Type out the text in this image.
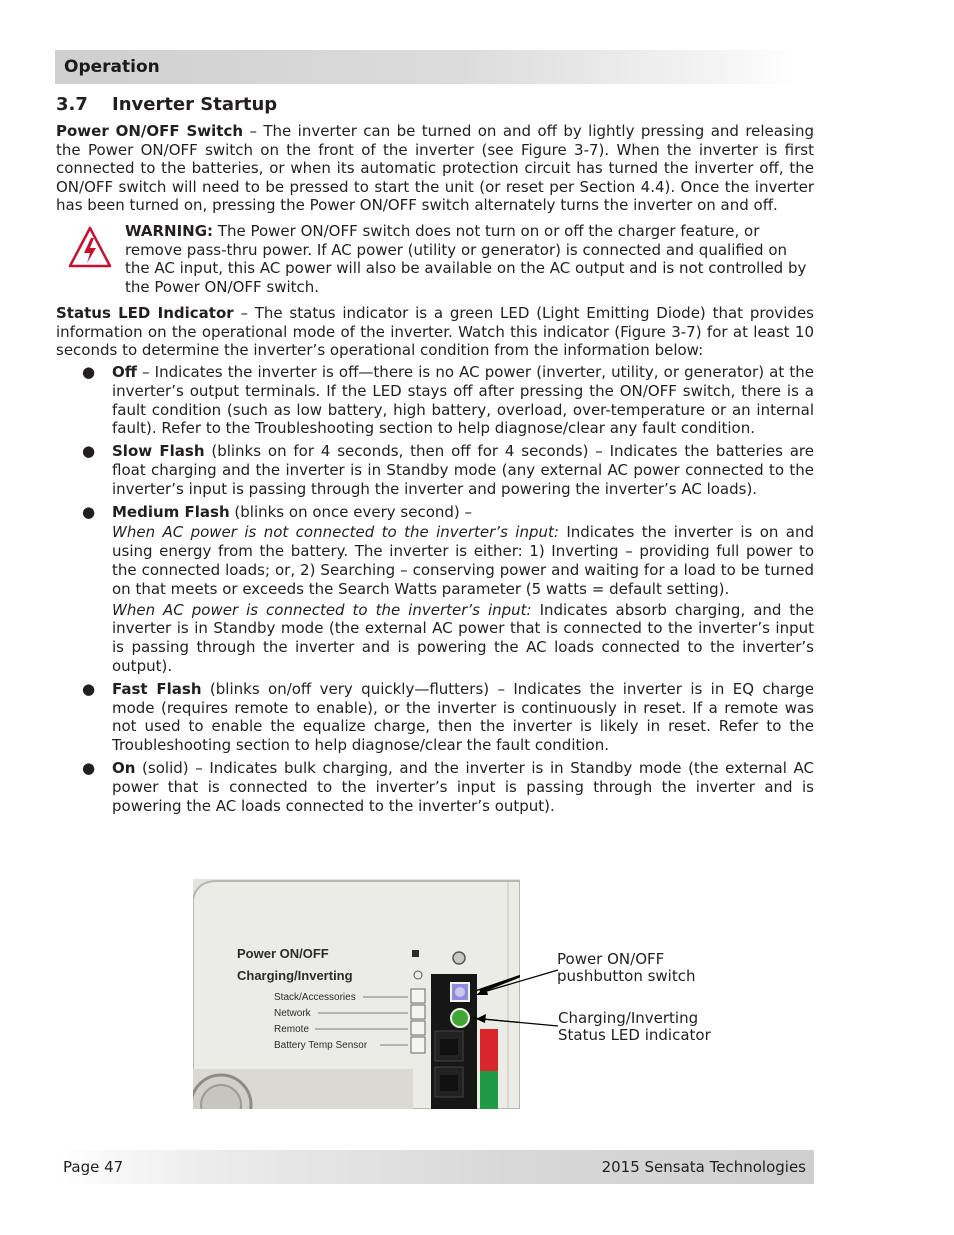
Operation
3.7 Inverter Startup
Power ON/OFF Switch – The inverter can be turned on and off by lightly pressing and releasing the Power ON/OFF switch on the front of the inverter (see Figure 3-7). When the inverter is first connected to the batteries, or when its automatic protection circuit has turned the inverter off, the ON/OFF switch will need to be pressed to start the unit (or reset per Section 4.4). Once the inverter has been turned on, pressing the Power ON/OFF switch alternately turns the inverter on and off.
WARNING: The Power ON/OFF switch does not turn on or off the charger feature, or remove pass-thru power. If AC power (utility or generator) is connected and qualified on the AC input, this AC power will also be available on the AC output and is not controlled by the Power ON/OFF switch.
Status LED Indicator – The status indicator is a green LED (Light Emitting Diode) that provides information on the operational mode of the inverter. Watch this indicator (Figure 3-7) for at least 10 seconds to determine the inverter’s operational condition from the information below:
● Off – Indicates the inverter is off—there is no AC power (inverter, utility, or generator) at the inverter’s output terminals. If the LED stays off after pressing the ON/OFF switch, there is a fault condition (such as low battery, high battery, overload, over-temperature or an internal fault). Refer to the Troubleshooting section to help diagnose/clear any fault condition.
● Slow Flash (blinks on for 4 seconds, then off for 4 seconds) – Indicates the batteries are float charging and the inverter is in Standby mode (any external AC power connected to the inverter’s input is passing through the inverter and powering the inverter’s AC loads).
● Medium Flash (blinks on once every second) –
When AC power is not connected to the inverter’s input: Indicates the inverter is on and using energy from the battery. The inverter is either: 1) Inverting – providing full power to the connected loads; or, 2) Searching – conserving power and waiting for a load to be turned on that meets or exceeds the Search Watts parameter (5 watts = default setting).
When AC power is connected to the inverter’s input: Indicates absorb charging, and the inverter is in Standby mode (the external AC power that is connected to the inverter’s input is passing through the inverter and is powering the AC loads connected to the inverter’s output).
● Fast Flash (blinks on/off very quickly—flutters) – Indicates the inverter is in EQ charge mode (requires remote to enable), or the inverter is continuously in reset. If a remote was not used to enable the equalize charge, then the inverter is likely in reset. Refer to the Troubleshooting section to help diagnose/clear the fault condition.
● On (solid) – Indicates bulk charging, and the inverter is in Standby mode (the external AC power that is connected to the inverter’s input is passing through the inverter and is powering the AC loads connected to the inverter’s output).
Power ON/OFF
Charging/Inverting
Stack/Accessories
Network
Remote
Battery Temp Sensor
Power ON/OFF
pushbutton switch
Charging/Inverting
Status LED indicator
Page 47	2015 Sensata Technologies
